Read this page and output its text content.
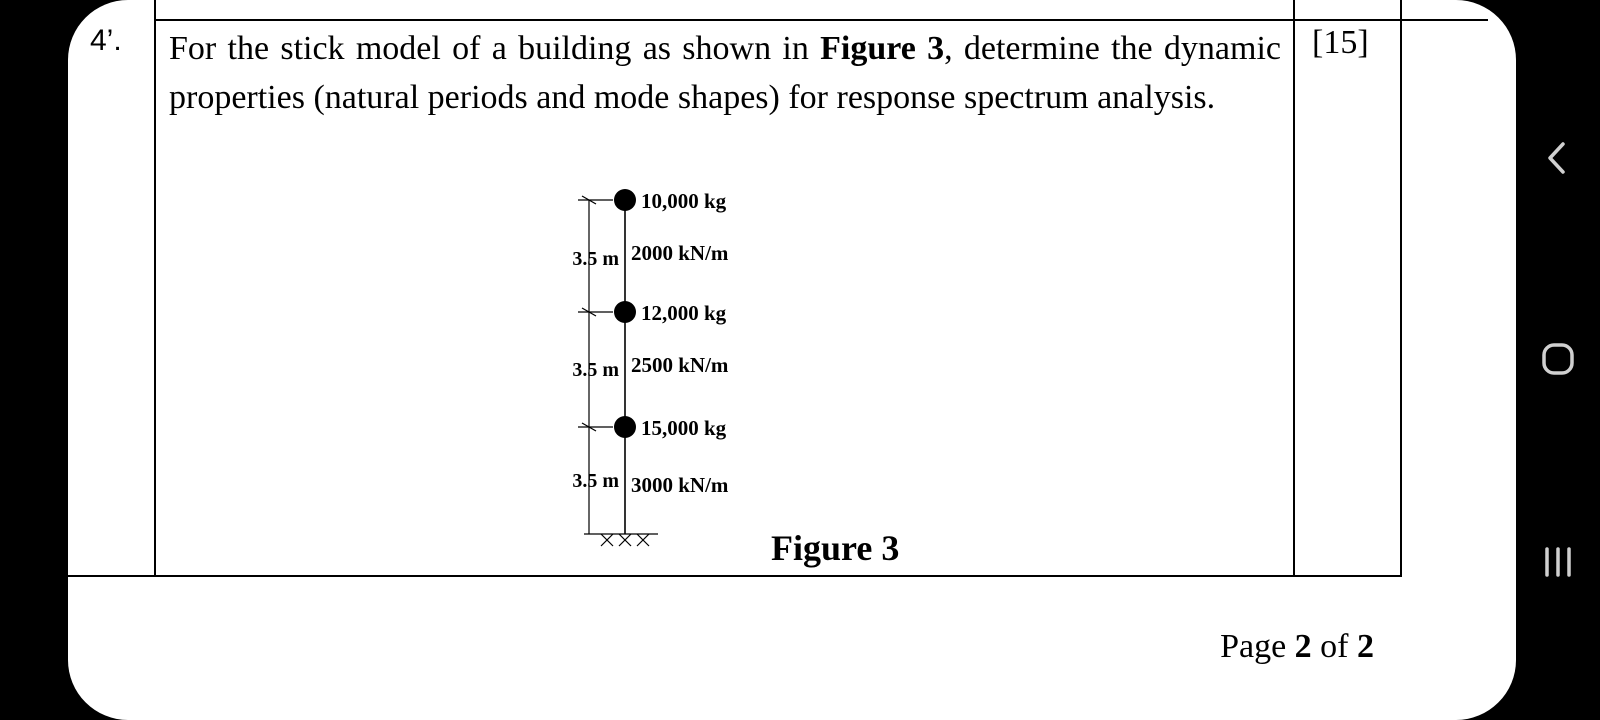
4’. For the stick model of a building as shown in Figure 3, determine the dynamic properties (natural periods and mode shapes) for response spectrum analysis.
[15]
10,000 kg
2000 kN/m
12,000 kg
2500 kN/m
15,000 kg
3000 kN/m
3.5 m
3.5 m
3.5 m
Figure 3
Page 2 of 2
